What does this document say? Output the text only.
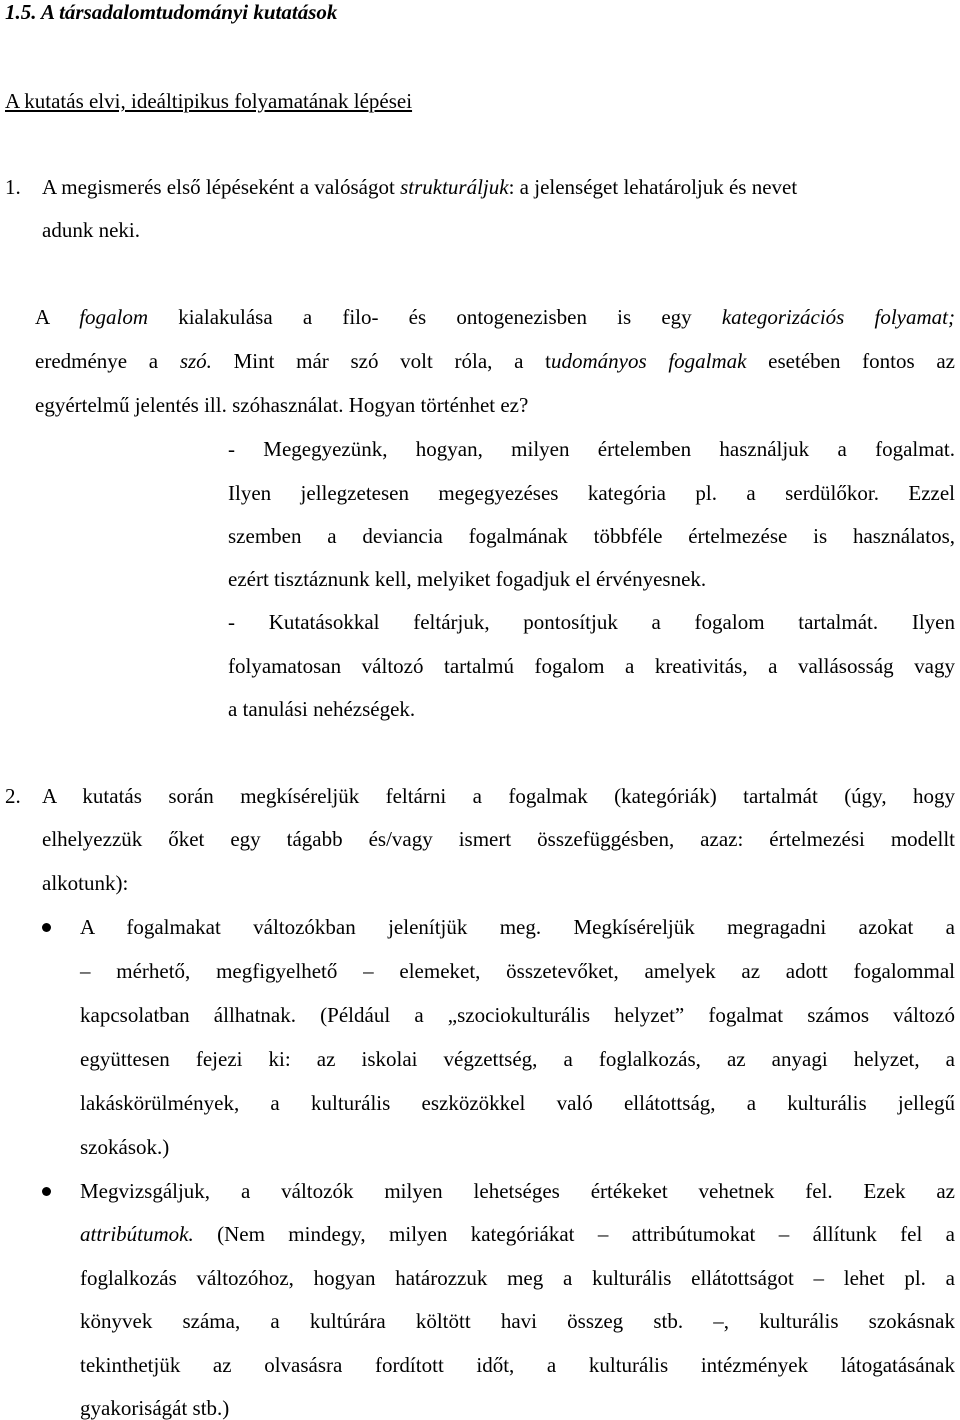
1.5. A társadalomtudományi kutatások
A kutatás elvi, ideáltipikus folyamatának lépései
1. A megismerés első lépéseként a valóságot strukturáljuk: a jelenséget lehatároljuk és nevet
adunk neki.
A fogalom kialakulása a filo- és ontogenezisben is egy kategorizációs folyamat;
eredménye a szó. Mint már szó volt róla, a tudományos fogalmak esetében fontos az
egyértelmű jelentés ill. szóhasználat. Hogyan történhet ez?
- Megegyezünk, hogyan, milyen értelemben használjuk a fogalmat.
Ilyen jellegzetesen megegyezéses kategória pl. a serdülőkor. Ezzel
szemben a deviancia fogalmának többféle értelmezése is használatos,
ezért tisztáznunk kell, melyiket fogadjuk el érvényesnek.
- Kutatásokkal feltárjuk, pontosítjuk a fogalom tartalmát. Ilyen
folyamatosan változó tartalmú fogalom a kreativitás, a vallásosság vagy
a tanulási nehézségek.
2. A kutatás során megkíséreljük feltárni a fogalmak (kategóriák) tartalmát (úgy, hogy
elhelyezzük őket egy tágabb és/vagy ismert összefüggésben, azaz: értelmezési modellt
alkotunk):
A fogalmakat változókban jelenítjük meg. Megkíséreljük megragadni azokat a
– mérhető, megfigyelhető – elemeket, összetevőket, amelyek az adott fogalommal
kapcsolatban állhatnak. (Például a „szociokulturális helyzet” fogalmat számos változó
együttesen fejezi ki: az iskolai végzettség, a foglalkozás, az anyagi helyzet, a
lakáskörülmények, a kulturális eszközökkel való ellátottság, a kulturális jellegű
szokások.)
Megvizsgáljuk, a változók milyen lehetséges értékeket vehetnek fel. Ezek az
attribútumok. (Nem mindegy, milyen kategóriákat – attribútumokat – állítunk fel a
foglalkozás változóhoz, hogyan határozzuk meg a kulturális ellátottságot – lehet pl. a
könyvek száma, a kultúrára költött havi összeg stb. –, kulturális szokásnak
tekinthetjük az olvasásra fordított időt, a kulturális intézmények látogatásának
gyakoriságát stb.)
